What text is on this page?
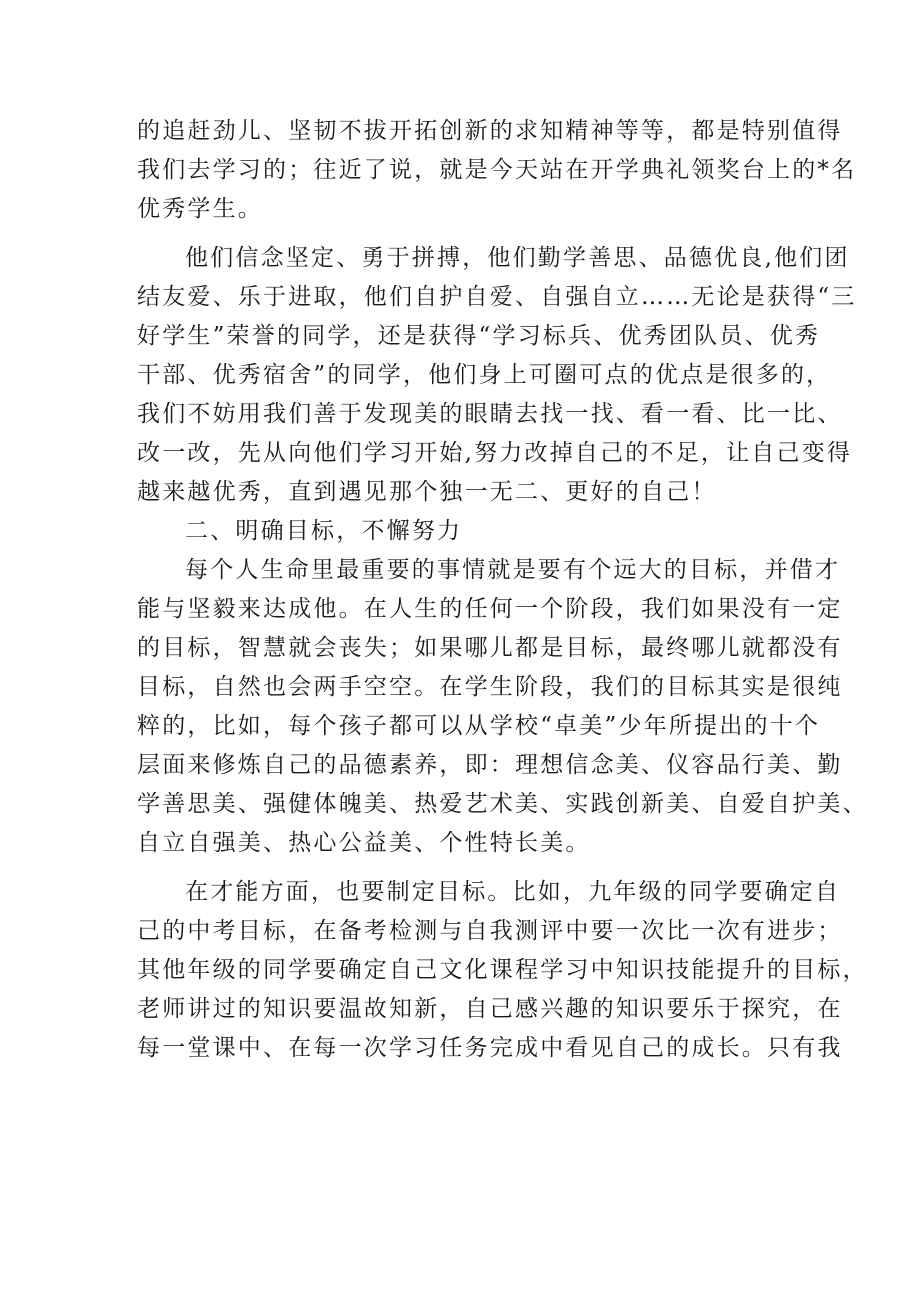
的追赶劲儿、坚韧不拔开拓创新的求知精神等等，都是特别值得
我们去学习的；往近了说，就是今天站在开学典礼领奖台上的*名
优秀学生。
他们信念坚定、勇于拼搏，他们勤学善思、品德优良,他们团
结友爱、乐于进取，他们自护自爱、自强自立……无论是获得“三
好学生”荣誉的同学，还是获得“学习标兵、优秀团队员、优秀
干部、优秀宿舍”的同学，他们身上可圈可点的优点是很多的，
我们不妨用我们善于发现美的眼睛去找一找、看一看、比一比、
改一改，先从向他们学习开始,努力改掉自己的不足，让自己变得
越来越优秀，直到遇见那个独一无二、更好的自己！
二、明确目标，不懈努力
每个人生命里最重要的事情就是要有个远大的目标，并借才
能与坚毅来达成他。在人生的任何一个阶段，我们如果没有一定
的目标，智慧就会丧失；如果哪儿都是目标，最终哪儿就都没有
目标，自然也会两手空空。在学生阶段，我们的目标其实是很纯
粹的，比如，每个孩子都可以从学校“卓美”少年所提出的十个
层面来修炼自己的品德素养，即：理想信念美、仪容品行美、勤
学善思美、强健体魄美、热爱艺术美、实践创新美、自爱自护美、
自立自强美、热心公益美、个性特长美。
在才能方面，也要制定目标。比如，九年级的同学要确定自
己的中考目标，在备考检测与自我测评中要一次比一次有进步；
其他年级的同学要确定自己文化课程学习中知识技能提升的目标，
老师讲过的知识要温故知新，自己感兴趣的知识要乐于探究，在
每一堂课中、在每一次学习任务完成中看见自己的成长。只有我
